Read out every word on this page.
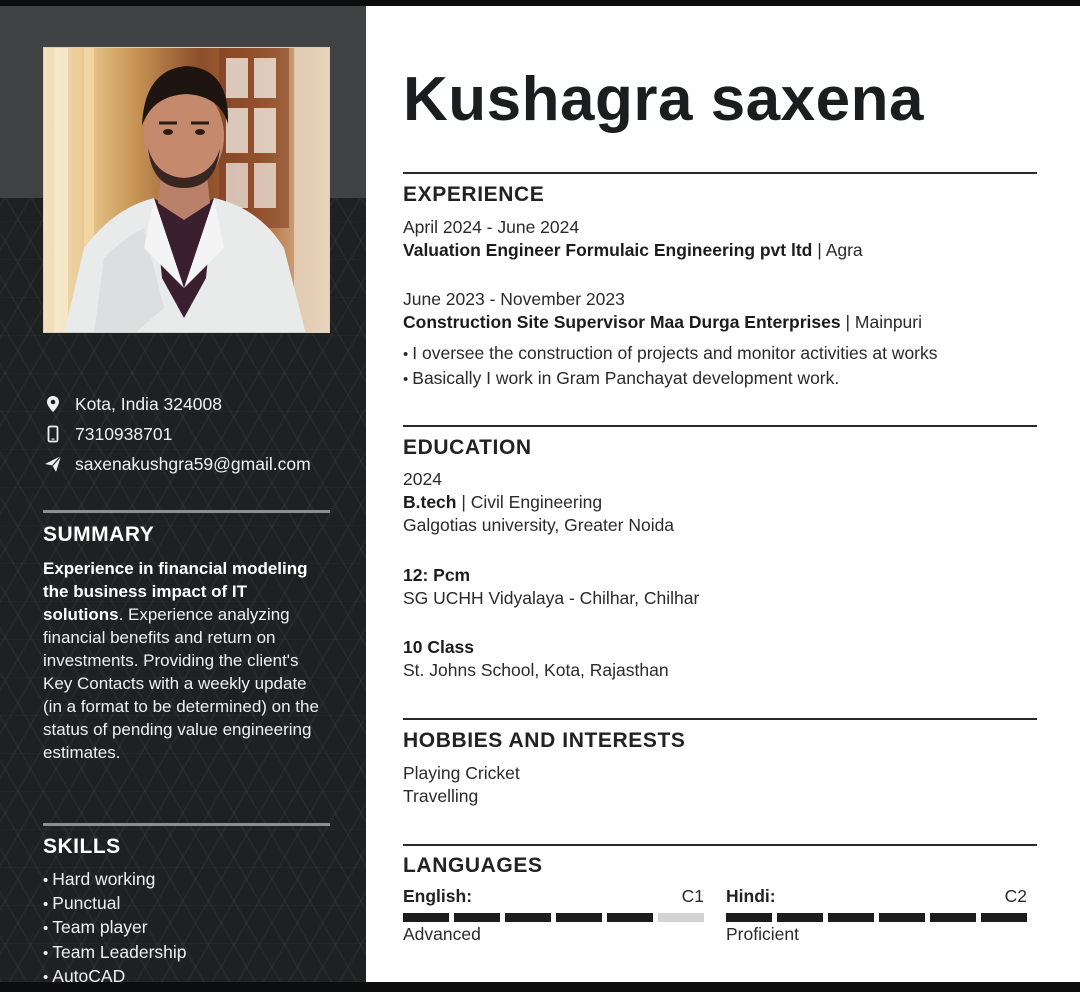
Kota, India 324008
7310938701
saxenakushgra59@gmail.com
SUMMARY
Experience in financial modeling the business impact of IT solutions. Experience analyzing financial benefits and return on investments. Providing the client's Key Contacts with a weekly update (in a format to be determined) on the status of pending value engineering estimates.
SKILLS
• Hard working
• Punctual
• Team player
• Team Leadership
• AutoCAD
Kushagra saxena
EXPERIENCE
April 2024 - June 2024
Valuation Engineer Formulaic Engineering pvt ltd | Agra
June 2023 - November 2023
Construction Site Supervisor Maa Durga Enterprises | Mainpuri
• I oversee the construction of projects and monitor activities at works
• Basically I work in Gram Panchayat development work.
EDUCATION
2024
B.tech | Civil Engineering
Galgotias university, Greater Noida
12: Pcm
SG UCHH Vidyalaya - Chilhar, Chilhar
10 Class
St. Johns School, Kota, Rajasthan
HOBBIES AND INTERESTS
Playing Cricket
Travelling
LANGUAGES
English:	C1
Advanced
Hindi:	C2
Proficient
